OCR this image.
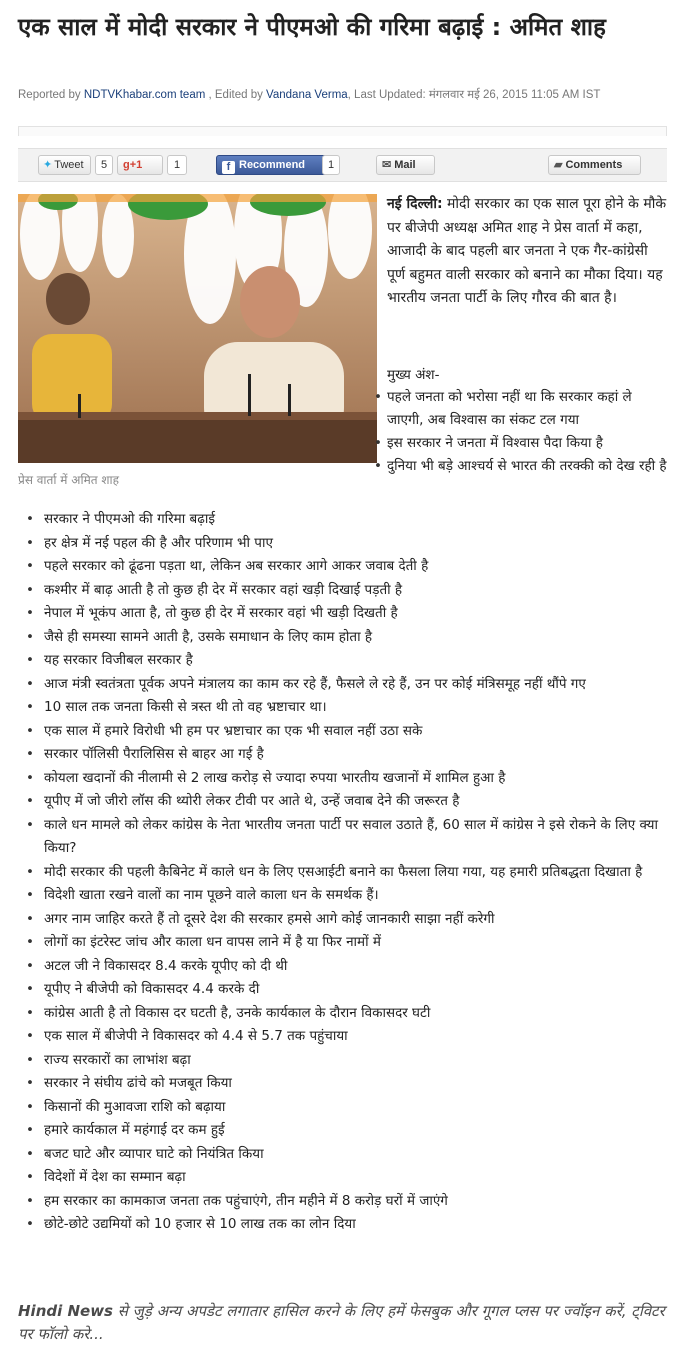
एक साल में मोदी सरकार ने पीएमओ की गरिमा बढ़ाई : अमित शाह
Reported by NDTVKhabar.com team , Edited by Vandana Verma, Last Updated: मंगलवार मई 26, 2015 11:05 AM IST
✦ Tweet	5	g+1	1	f Recommend	1	✉ Mail	▰ Comments
प्रेस वार्ता में अमित शाह

नई दिल्ली: मोदी सरकार का एक साल पूरा होने के मौके पर बीजेपी अध्यक्ष अमित शाह ने प्रेस वार्ता में कहा, आजादी के बाद पहली बार जनता ने एक गैर-कांग्रेसी पूर्ण बहुमत वाली सरकार को बनाने का मौका दिया। यह भारतीय जनता पार्टी के लिए गौरव की बात है।

मुख्य अंश-
• पहले जनता को भरोसा नहीं था कि सरकार कहां ले जाएगी, अब विश्वास का संकट टल गया
• इस सरकार ने जनता में विश्वास पैदा किया है
• दुनिया भी बड़े आश्चर्य से भारत की तरक्की को देख रही है
• सरकार ने पीएमओ की गरिमा बढ़ाई
• हर क्षेत्र में नई पहल की है और परिणाम भी पाए
• पहले सरकार को ढूंढना पड़ता था, लेकिन अब सरकार आगे आकर जवाब देती है
• कश्मीर में बाढ़ आती है तो कुछ ही देर में सरकार वहां खड़ी दिखाई पड़ती है
• नेपाल में भूकंप आता है, तो कुछ ही देर में सरकार वहां भी खड़ी दिखती है
• जैसे ही समस्या सामने आती है, उसके समाधान के लिए काम होता है
• यह सरकार विजीबल सरकार है
• आज मंत्री स्वतंत्रता पूर्वक अपने मंत्रालय का काम कर रहे हैं, फैसले ले रहे हैं, उन पर कोई मंत्रिसमूह नहीं थौंपे गए
• 10 साल तक जनता किसी से त्रस्त थी तो वह भ्रष्टाचार था।
• एक साल में हमारे विरोधी भी हम पर भ्रष्टाचार का एक भी सवाल नहीं उठा सके
• सरकार पॉलिसी पैरालिसिस से बाहर आ गई है
• कोयला खदानों की नीलामी से 2 लाख करोड़ से ज्यादा रुपया भारतीय खजानों में शामिल हुआ है
• यूपीए में जो जीरो लॉस की थ्योरी लेकर टीवी पर आते थे, उन्हें जवाब देने की जरूरत है
• काले धन मामले को लेकर कांग्रेस के नेता भारतीय जनता पार्टी पर सवाल उठाते हैं, 60 साल में कांग्रेस ने इसे रोकने के लिए क्या किया?
• मोदी सरकार की पहली कैबिनेट में काले धन के लिए एसआईटी बनाने का फैसला लिया गया, यह हमारी प्रतिबद्धता दिखाता है
• विदेशी खाता रखने वालों का नाम पूछने वाले काला धन के समर्थक हैं।
• अगर नाम जाहिर करते हैं तो दूसरे देश की सरकार हमसे आगे कोई जानकारी साझा नहीं करेगी
• लोगों का इंटरेस्ट जांच और काला धन वापस लाने में है या फिर नामों में
• अटल जी ने विकासदर 8.4 करके यूपीए को दी थी
• यूपीए ने बीजेपी को विकासदर 4.4 करके दी
• कांग्रेस आती है तो विकास दर घटती है, उनके कार्यकाल के दौरान विकासदर घटी
• एक साल में बीजेपी ने विकासदर को 4.4 से 5.7 तक पहुंचाया
• राज्य सरकारों का लाभांश बढ़ा
• सरकार ने संघीय ढांचे को मजबूत किया
• किसानों की मुआवजा राशि को बढ़ाया
• हमारे कार्यकाल में महंगाई दर कम हुई
• बजट घाटे और व्यापार घाटे को नियंत्रित किया
• विदेशों में देश का सम्मान बढ़ा
• हम सरकार का कामकाज जनता तक पहुंचाएंगे, तीन महीने में 8 करोड़ घरों में जाएंगे
• छोटे-छोटे उद्यमियों को 10 हजार से 10 लाख तक का लोन दिया

Hindi News से जुड़े अन्य अपडेट लगातार हासिल करने के लिए हमें फेसबुक और गूगल प्लस पर ज्वॉइन करें, ट्विटर पर फॉलो करे...
